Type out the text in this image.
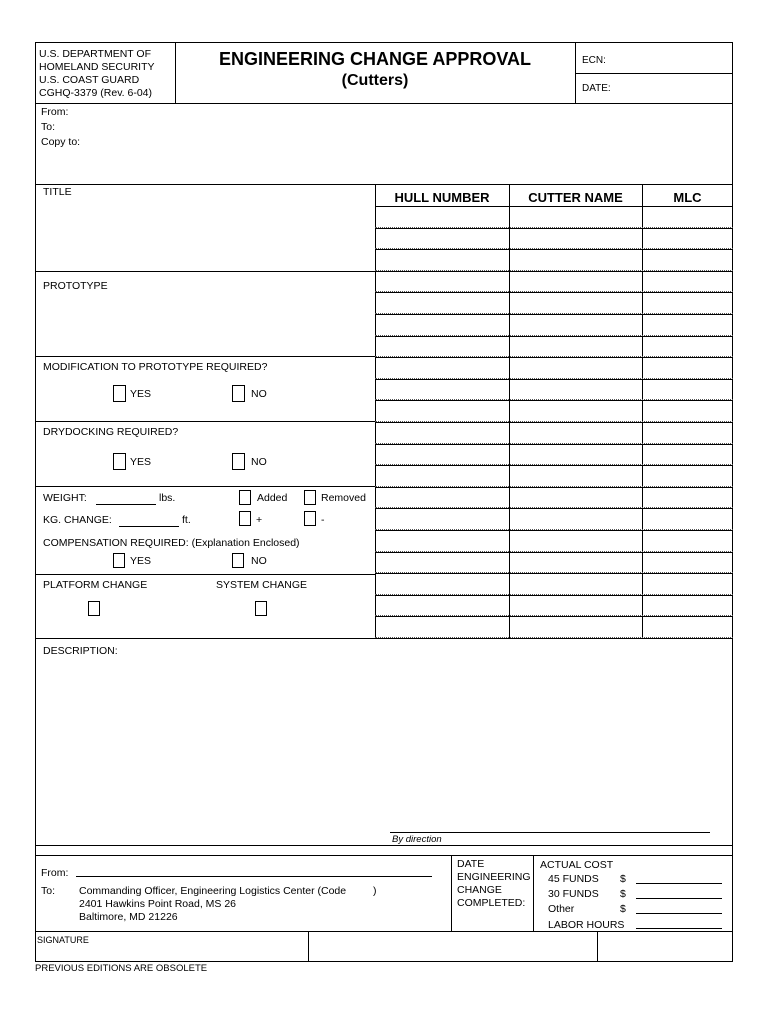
U.S. DEPARTMENT OF
HOMELAND SECURITY
U.S. COAST GUARD
CGHQ-3379 (Rev. 6-04)
ENGINEERING CHANGE APPROVAL
(Cutters)
ECN:
DATE:
From:
To:
Copy to:
TITLE
PROTOTYPE
MODIFICATION TO PROTOTYPE REQUIRED?
YES	NO
DRYDOCKING REQUIRED?
YES	NO
WEIGHT:	lbs.	Added	Removed
KG. CHANGE:	ft.	+	-
COMPENSATION REQUIRED: (Explanation Enclosed)
YES	NO
PLATFORM CHANGE	SYSTEM CHANGE
HULL NUMBER	CUTTER NAME	MLC
DESCRIPTION:
By direction
From:
To: Commanding Officer, Engineering Logistics Center (Code	)
2401 Hawkins Point Road, MS 26
Baltimore, MD 21226
DATE
ENGINEERING
CHANGE
COMPLETED:
ACTUAL COST
45 FUNDS $
30 FUNDS $
Other	$
LABOR HOURS
SIGNATURE
PREVIOUS EDITIONS ARE OBSOLETE
